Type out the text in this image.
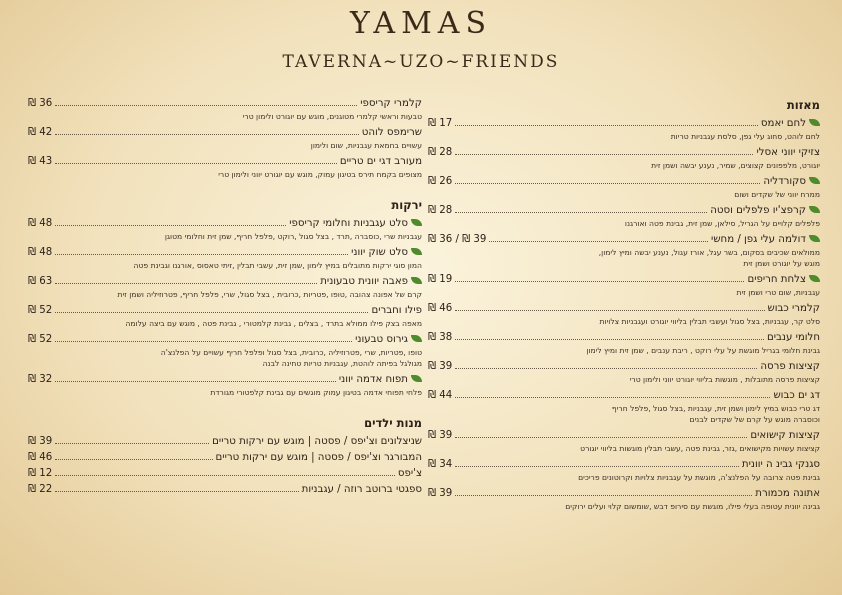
YAMAS
TAVERNA~UZO~FRIENDS
מאזות
לחם יאמס
17 ₪
לחם לוהט, סחוג עלי גפן, סלסת עגבניות טריות
צזיקי יווני אסלי
28 ₪
יוגורט, מלפפונים קצוצים, שמיר, נענע יבשה ושמן זית
סקורדליה
26 ₪
ממרח יווני של שקדים ושום
קרפצ'יו פלפלים וסטה
28 ₪
פלפלים קלויים על הגריל, סילאן, שמן זית, גבינת פטה ואורגנו
דולמה עלי גפן / מחשי
39 ₪ / 36 ₪
ממולאים שכיבים בסקום, בשר עגל, אורז עגול, נענע יבשה ומיץ לימון,
מוגש על יוגורט ושמן זית
צלחת חריפים
19 ₪
עגבניות, שום טרי ושמן זית
קלמרי כבוש
46 ₪
סלט קר, עגבניות, בצל סגול ועשבי תבלין בליווי יוגורט ועגבניות צלויות
חלומי ענבים
38 ₪
גבינת חלומי בגריל מוגשת על עלי רוקט , ריבת ענבים , שמן זית ומיץ לימון
קציצות פרסה
39 ₪
קציצות פרסה מתובלות , מוגשות בליווי יוגורט יווני ולימון טרי
דג ים כבוש
44 ₪
דג טרי כבוש במיץ לימון ושמן זית, עגבניות ,בצל סגול ,פלפל חריף
וכוסברה מוגש על קרם של שקדים לבנים
קציצות קישואים
39 ₪
קציצות עשויות מקישואים ,גזר, גבינת פטה ,עשבי תבלין מוגשות בליווי יוגורט
סגנקי גבינ ה יוונית
34 ₪
גבינת פטה צרובה על הפלנצ'ה, מוגשת על עגבניות צלויות וקרוטונים פריכים
אתונה מכמורת
39 ₪
גבינה יוונית עטופה בעלי פילו, מוגשת עם סירופ דבש ,שומשום קלוי ועלים ירוקים
קלמרי קריספי
36 ₪
טבעות וראשי קלמרי מטוגנים, מוגש עם יוגורט ולימון טרי
שרימפס לוהט
42 ₪
עשויים בחמאת עגבניות, שום ולימון
מעורב דגי ים טריים
43 ₪
מצופים בקמח תירס בטיגון עמוק, מוגש עם יוגורט יווני ולימון טרי
ירקות
סלט עגבניות וחלומי קריספי
48 ₪
עגבניות שרי ,כוסברה ,תרד , בצל סגול ,רוקט ,פלפל חריף, שמן זית וחלומי מטוגן
סלט שוק יווני
48 ₪
המון סוגי ירקות מתובלים במיץ לימון ,שמן זית, עשבי תבלין ,זיתי טאסוס ,אורגנו וגבינת פטה
פאבה יוונית טבעונית
63 ₪
קרם של אפונה צהובה ,טופו ,פטריות ,כרובית , בצל סגול, שרי, פלפל חריף, פטרוזיליה ושמן זית
פילו וחברים
52 ₪
מאפה בצק פילו ממולא בתרד , בצלים , גבינת קלמטורי , גבינת פטה , מוגש עם ביצה עלומה
גירוס טבעוני
52 ₪
טופו ,פטריות, שרי ,פטרוזיליה ,כרובית, בצל סגול ופלפל חריף עשויים על הפלנצ'ה
מגולגל בפיתה לוהטת, עגבניות טריות טחינה לבנה
תפוח אדמה יווני
32 ₪
פלחי תפוחי אדמה בטיגון עמוק מוגשים עם גבינת קלפטורי מגורדת
מנות ילדים
שניצלונים וצ'יפס / פסטה | מוגש עם ירקות טריים
39 ₪
המבורגר וצ'יפס / פסטה | מוגש עם ירקות טריים
46 ₪
צ'יפס
12 ₪
ספגטי ברוטב רוזה / עגבניות
22 ₪
